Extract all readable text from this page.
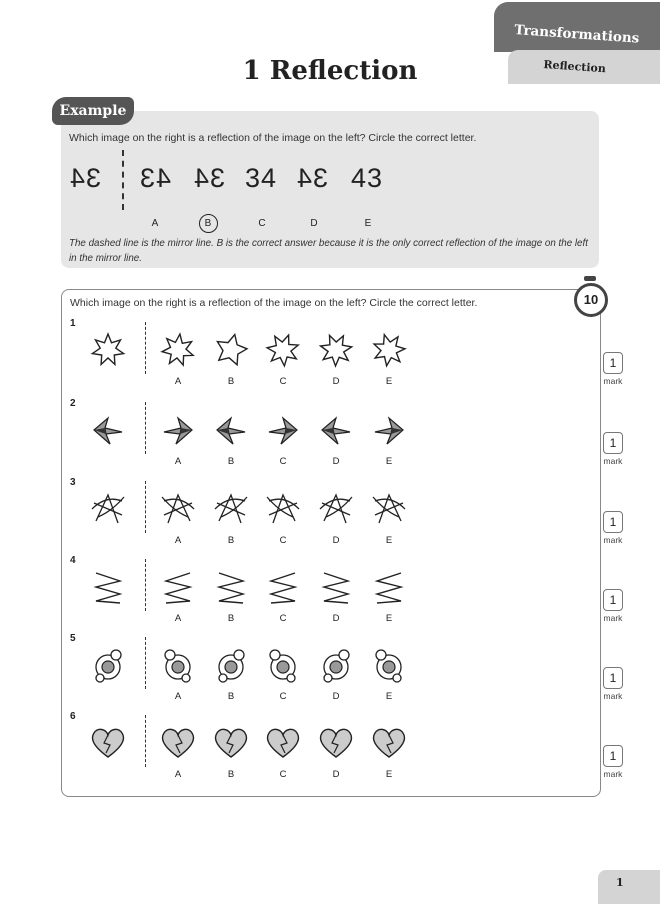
Transformations
Reflection
1 Reflection
Example
Which image on the right is a reflection of the image on the left? Circle the correct letter.
34 43 34 34 34 43
A	B	C	D	E
The dashed line is the mirror line. B is the correct answer because it is the only correct reflection of the image on the left in the mirror line.
10
Which image on the right is a reflection of the image on the left? Circle the correct letter.
1
A	B	C	D	E
1
mark
2
A	B	C	D	E
1
mark
3
A	B	C	D	E
1
mark
4
A	B	C	D	E
1
mark
5
A	B	C	D	E
1
mark
6
A	B	C	D	E
1
mark
1
